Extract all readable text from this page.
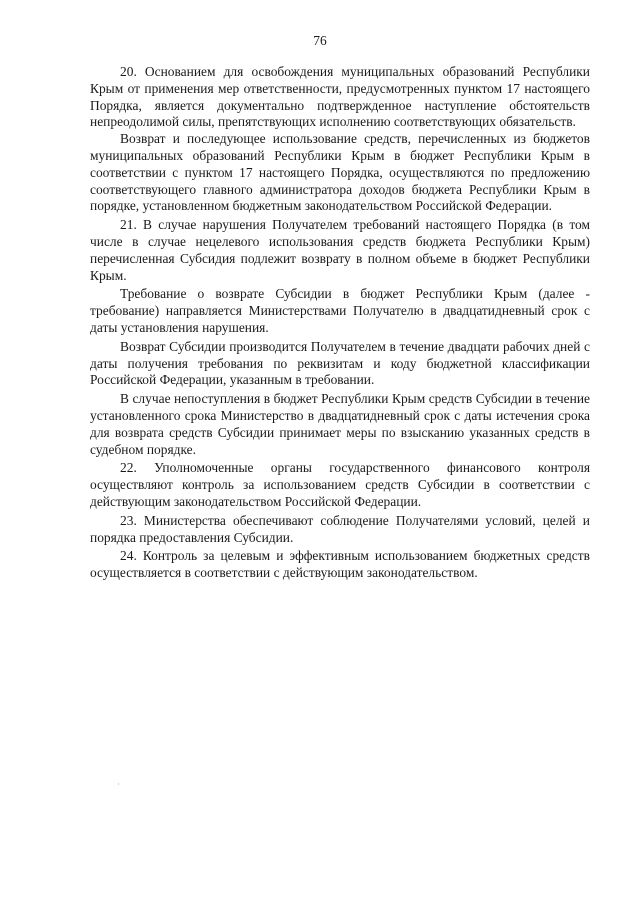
76

20. Основанием для освобождения муниципальных образований Республики Крым от применения мер ответственности, предусмотренных пунктом 17 настоящего Порядка, является документально подтвержденное наступление обстоятельств непреодолимой силы, препятствующих исполнению соответствующих обязательств.

Возврат и последующее использование средств, перечисленных из бюджетов муниципальных образований Республики Крым в бюджет Республики Крым в соответствии с пунктом 17 настоящего Порядка, осуществляются по предложению соответствующего главного администратора доходов бюджета Республики Крым в порядке, установленном бюджетным законодательством Российской Федерации.

21. В случае нарушения Получателем требований настоящего Порядка (в том числе в случае нецелевого использования средств бюджета Республики Крым) перечисленная Субсидия подлежит возврату в полном объеме в бюджет Республики Крым.

Требование о возврате Субсидии в бюджет Республики Крым (далее - требование) направляется Министерствами Получателю в двадцатидневный срок с даты установления нарушения.

Возврат Субсидии производится Получателем в течение двадцати рабочих дней с даты получения требования по реквизитам и коду бюджетной классификации Российской Федерации, указанным в требовании.

В случае непоступления в бюджет Республики Крым средств Субсидии в течение установленного срока Министерство в двадцатидневный срок с даты истечения срока для возврата средств Субсидии принимает меры по взысканию указанных средств в судебном порядке.

22. Уполномоченные органы государственного финансового контроля осуществляют контроль за использованием средств Субсидии в соответствии с действующим законодательством Российской Федерации.

23. Министерства обеспечивают соблюдение Получателями условий, целей и порядка предоставления Субсидии.

24. Контроль за целевым и эффективным использованием бюджетных средств осуществляется в соответствии с действующим законодательством.
